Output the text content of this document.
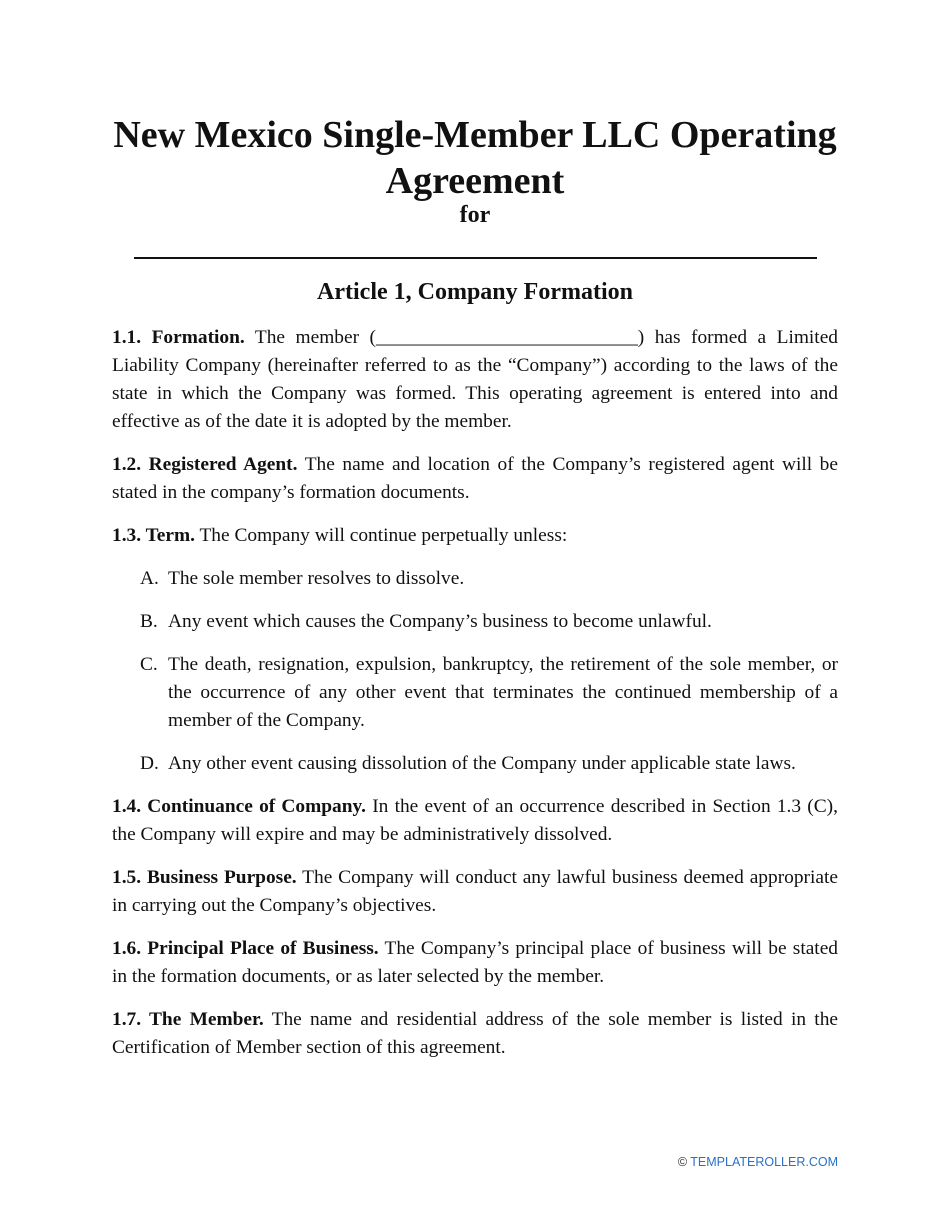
New Mexico Single-Member LLC Operating Agreement
for
Article 1, Company Formation

1.1. Formation. The member (___________________________) has formed a Limited Liability Company (hereinafter referred to as the “Company”) according to the laws of the state in which the Company was formed. This operating agreement is entered into and effective as of the date it is adopted by the member.

1.2. Registered Agent. The name and location of the Company’s registered agent will be stated in the company’s formation documents.

1.3. Term. The Company will continue perpetually unless:

A. The sole member resolves to dissolve.
B. Any event which causes the Company’s business to become unlawful.
C. The death, resignation, expulsion, bankruptcy, the retirement of the sole member, or the occurrence of any other event that terminates the continued membership of a member of the Company.
D. Any other event causing dissolution of the Company under applicable state laws.

1.4. Continuance of Company. In the event of an occurrence described in Section 1.3 (C), the Company will expire and may be administratively dissolved.

1.5. Business Purpose. The Company will conduct any lawful business deemed appropriate in carrying out the Company’s objectives.

1.6. Principal Place of Business. The Company’s principal place of business will be stated in the formation documents, or as later selected by the member.

1.7. The Member. The name and residential address of the sole member is listed in the Certification of Member section of this agreement.

© TEMPLATEROLLER.COM
